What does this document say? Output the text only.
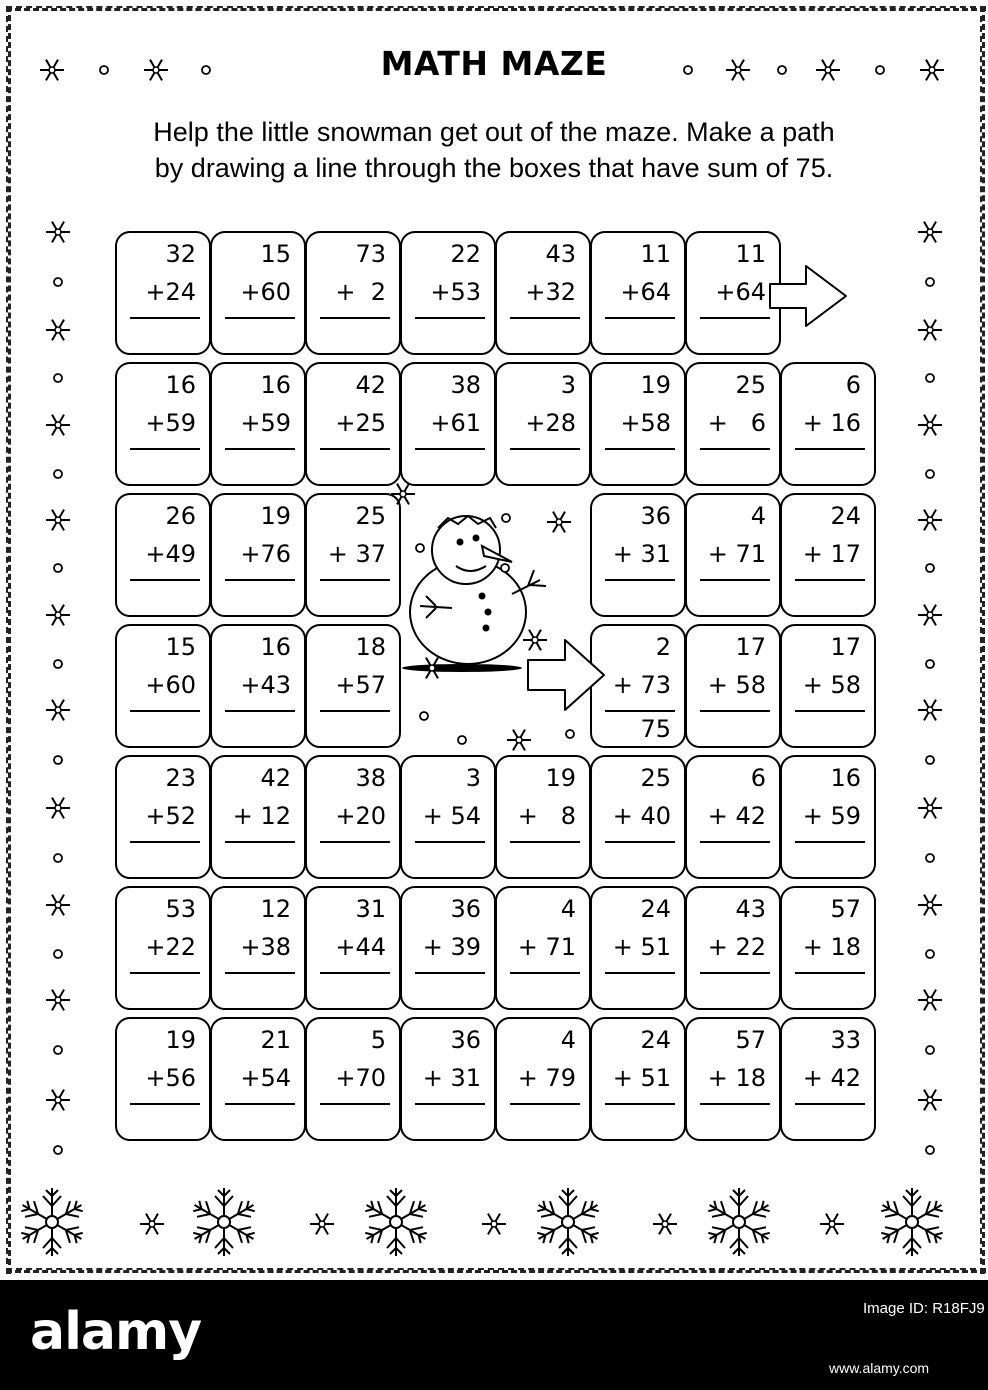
MATH MAZE
Help the little snowman get out of the maze. Make a path
by drawing a line through the boxes that have sum of 75.
32
+24
15
+60
73
+  2
22
+53
43
+32
11
+64
11
+64
16
+59
16
+59
42
+25
38
+61
3
+28
19
+58
25
+   6
6
+ 16
26
+49
19
+76
25
+ 37
36
+ 31
4
+ 71
24
+ 17
15
+60
16
+43
18
+57
2
+ 73
75
17
+ 58
17
+ 58
23
+52
42
+ 12
38
+20
3
+ 54
19
+   8
25
+ 40
6
+ 42
16
+ 59
53
+22
12
+38
31
+44
36
+ 39
4
+ 71
24
+ 51
43
+ 22
57
+ 18
19
+56
21
+54
5
+70
36
+ 31
4
+ 79
24
+ 51
57
+ 18
33
+ 42
alamy	Image ID: R18FJ9
www.alamy.com
